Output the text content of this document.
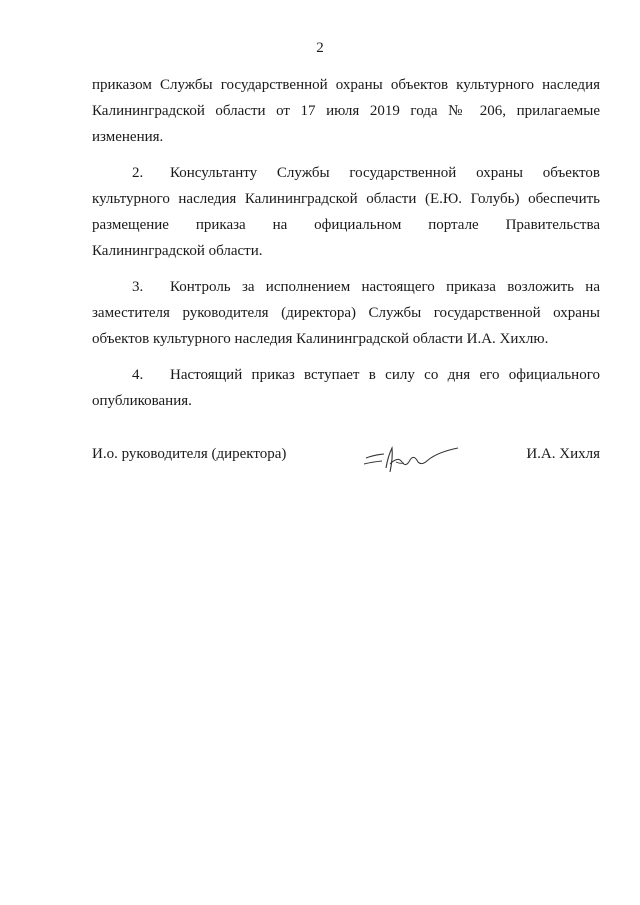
2

приказом Службы государственной охраны объектов культурного наследия Калининградской области от 17 июля 2019 года № 206, прилагаемые изменения.

2. Консультанту Службы государственной охраны объектов культурного наследия Калининградской области (Е.Ю. Голубь) обеспечить размещение приказа на официальном портале Правительства Калининградской области.

3. Контроль за исполнением настоящего приказа возложить на заместителя руководителя (директора) Службы государственной охраны объектов культурного наследия Калининградской области И.А. Хихлю.

4. Настоящий приказ вступает в силу со дня его официального опубликования.

И.о. руководителя (директора)	И.А. Хихля
